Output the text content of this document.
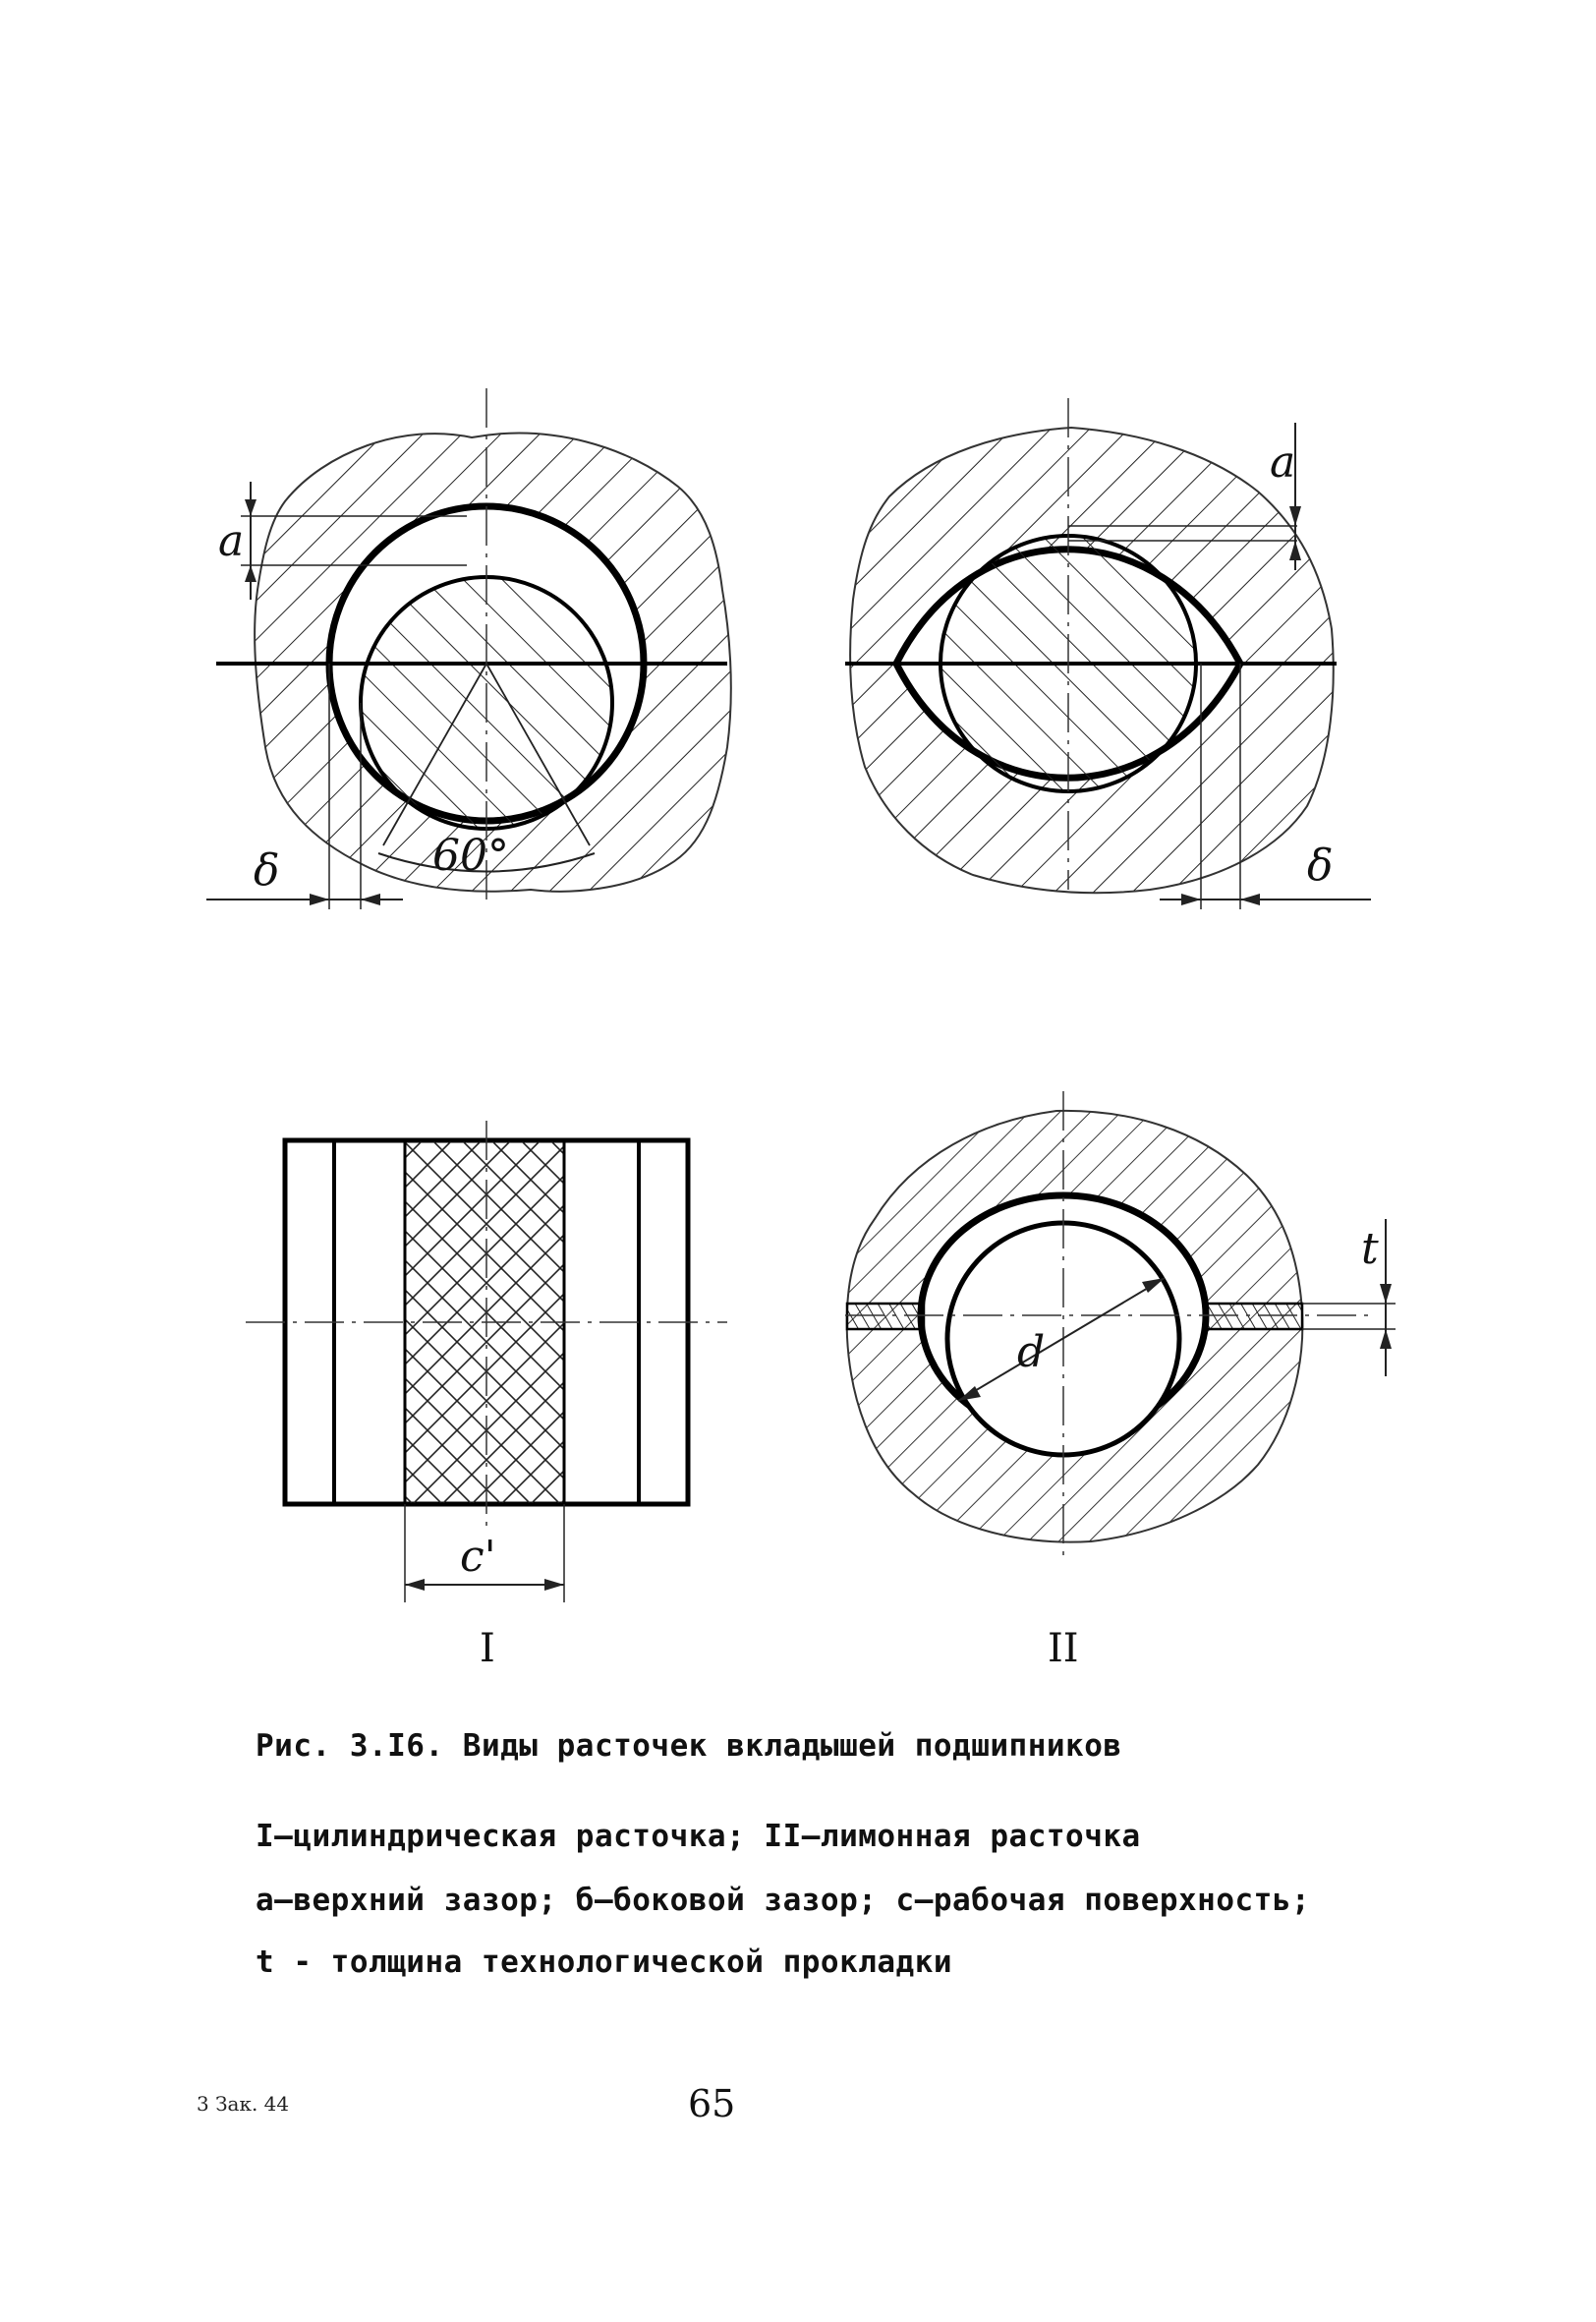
60°
a
δ
a
δ
c'
I
d
t
II
Рис. 3.I6. Виды расточек вкладышей подшипников
I–цилиндрическая расточка; II–лимонная расточка
a–верхний зазор; б–боковой зазор; c–рабочая поверхность;
t - толщина технологической прокладки
3 Зак. 44	65
